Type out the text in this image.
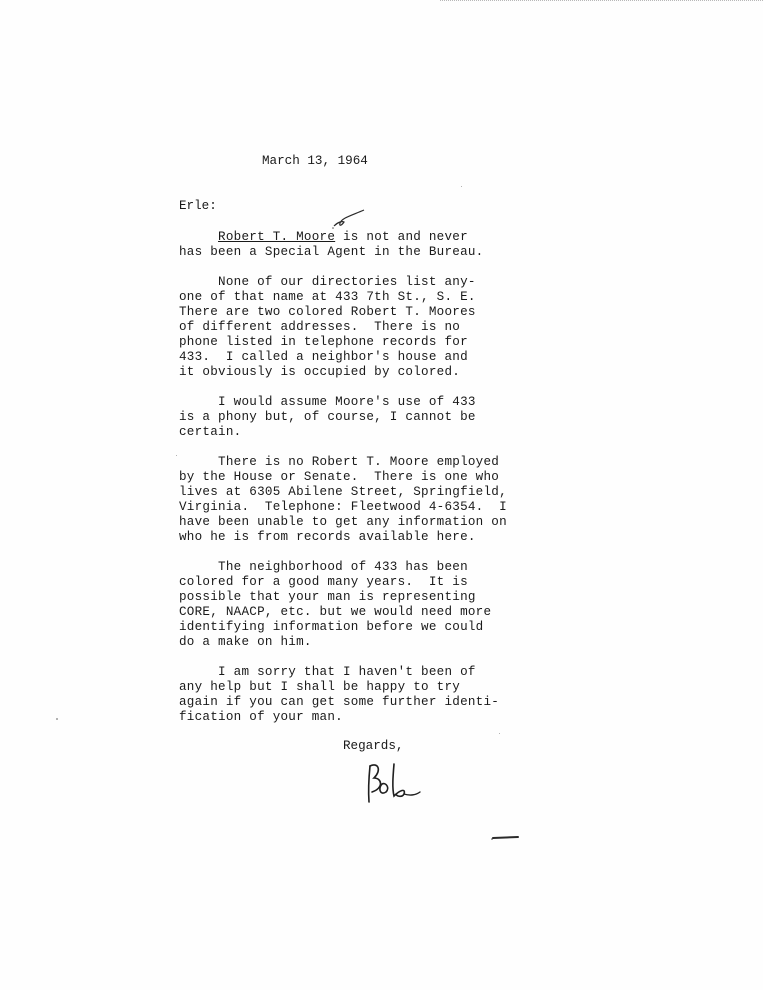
March 13, 1964
Erle:
Robert T. Moore is not and never
has been a Special Agent in the Bureau.
None of our directories list any-
one of that name at 433 7th St., S. E.
There are two colored Robert T. Moores
of different addresses.  There is no
phone listed in telephone records for
433.  I called a neighbor's house and
it obviously is occupied by colored.
I would assume Moore's use of 433
is a phony but, of course, I cannot be
certain.
There is no Robert T. Moore employed
by the House or Senate.  There is one who
lives at 6305 Abilene Street, Springfield,
Virginia.  Telephone: Fleetwood 4-6354.  I
have been unable to get any information on
who he is from records available here.
The neighborhood of 433 has been
colored for a good many years.  It is
possible that your man is representing
CORE, NAACP, etc. but we would need more
identifying information before we could
do a make on him.
I am sorry that I haven't been of
any help but I shall be happy to try
again if you can get some further identi-
fication of your man.
Regards,
